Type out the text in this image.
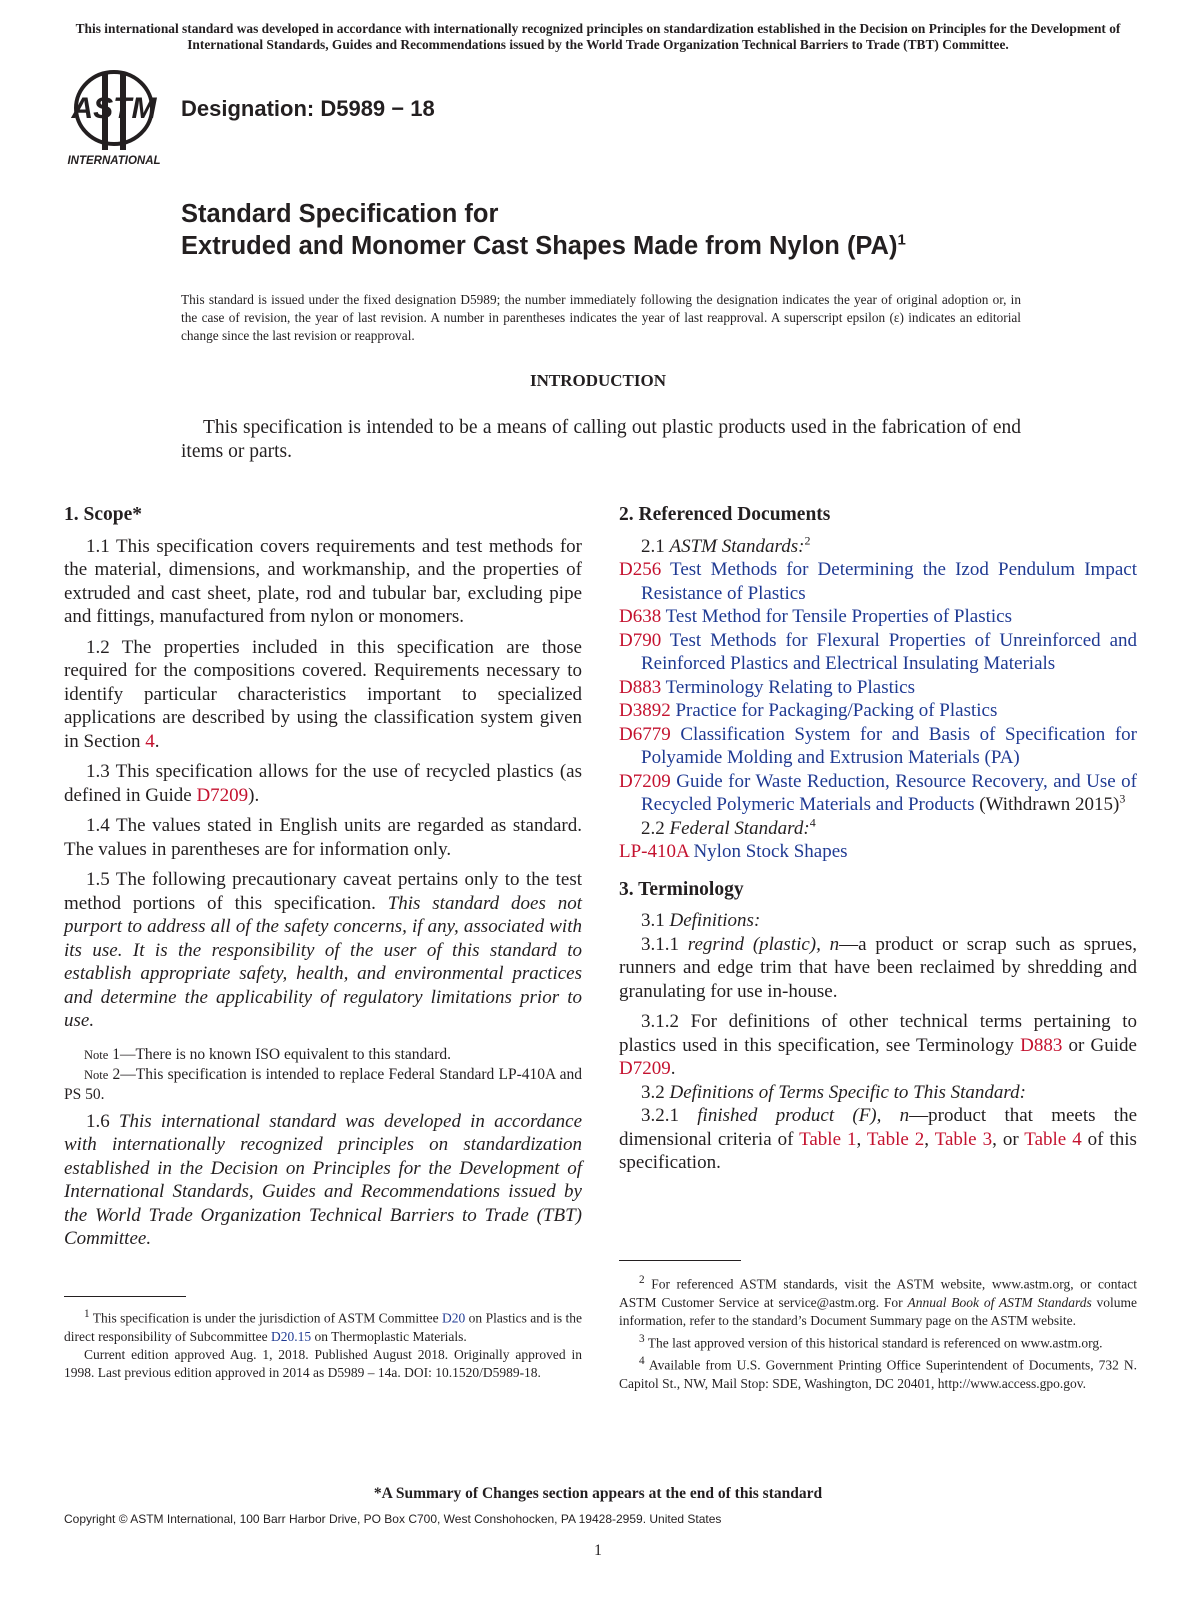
This international standard was developed in accordance with internationally recognized principles on standardization established in the Decision on Principles for the Development of International Standards, Guides and Recommendations issued by the World Trade Organization Technical Barriers to Trade (TBT) Committee.
ASTM
INTERNATIONAL
Designation: D5989 − 18
Standard Specification for
Extruded and Monomer Cast Shapes Made from Nylon (PA)$^1$
This standard is issued under the fixed designation D5989; the number immediately following the designation indicates the year of original adoption or, in the case of revision, the year of last revision. A number in parentheses indicates the year of last reapproval. A superscript epsilon (ε) indicates an editorial change since the last revision or reapproval.
INTRODUCTION
This specification is intended to be a means of calling out plastic products used in the fabrication of end items or parts.
1. Scope*

1.1 This specification covers requirements and test methods for the material, dimensions, and workmanship, and the properties of extruded and cast sheet, plate, rod and tubular bar, excluding pipe and fittings, manufactured from nylon or monomers.

1.2 The properties included in this specification are those required for the compositions covered. Requirements necessary to identify particular characteristics important to specialized applications are described by using the classification system given in Section 4.

1.3 This specification allows for the use of recycled plastics (as defined in Guide D7209).

1.4 The values stated in English units are regarded as standard. The values in parentheses are for information only.

1.5 The following precautionary caveat pertains only to the test method portions of this specification. This standard does not purport to address all of the safety concerns, if any, associated with its use. It is the responsibility of the user of this standard to establish appropriate safety, health, and environmental practices and determine the applicability of regulatory limitations prior to use.

Note 1—There is no known ISO equivalent to this standard.

Note 2—This specification is intended to replace Federal Standard LP-410A and PS 50.

1.6 This international standard was developed in accordance with internationally recognized principles on standardization established in the Decision on Principles for the Development of International Standards, Guides and Recommendations issued by the World Trade Organization Technical Barriers to Trade (TBT) Committee.

2. Referenced Documents

2.1 ASTM Standards:$^2$

D256 Test Methods for Determining the Izod Pendulum Impact Resistance of Plastics

D638 Test Method for Tensile Properties of Plastics

D790 Test Methods for Flexural Properties of Unreinforced and Reinforced Plastics and Electrical Insulating Materials

D883 Terminology Relating to Plastics

D3892 Practice for Packaging/Packing of Plastics

D6779 Classification System for and Basis of Specification for Polyamide Molding and Extrusion Materials (PA)

D7209 Guide for Waste Reduction, Resource Recovery, and Use of Recycled Polymeric Materials and Products (Withdrawn 2015)$^3$

2.2 Federal Standard:$^4$

LP-410A Nylon Stock Shapes

3. Terminology

3.1 Definitions:

3.1.1 regrind (plastic), n—a product or scrap such as sprues, runners and edge trim that have been reclaimed by shredding and granulating for use in-house.

3.1.2 For definitions of other technical terms pertaining to plastics used in this specification, see Terminology D883 or Guide D7209.

3.2 Definitions of Terms Specific to This Standard:

3.2.1 finished product (F), n—product that meets the dimensional criteria of Table 1, Table 2, Table 3, or Table 4 of this specification.

$^1$ This specification is under the jurisdiction of ASTM Committee D20 on Plastics and is the direct responsibility of Subcommittee D20.15 on Thermoplastic Materials.

Current edition approved Aug. 1, 2018. Published August 2018. Originally approved in 1998. Last previous edition approved in 2014 as D5989 – 14a. DOI: 10.1520/D5989-18.

$^2$ For referenced ASTM standards, visit the ASTM website, www.astm.org, or contact ASTM Customer Service at service@astm.org. For Annual Book of ASTM Standards volume information, refer to the standard’s Document Summary page on the ASTM website.

$^3$ The last approved version of this historical standard is referenced on www.astm.org.

$^4$ Available from U.S. Government Printing Office Superintendent of Documents, 732 N. Capitol St., NW, Mail Stop: SDE, Washington, DC 20401, http://www.access.gpo.gov.

*A Summary of Changes section appears at the end of this standard
Copyright © ASTM International, 100 Barr Harbor Drive, PO Box C700, West Conshohocken, PA 19428-2959. United States
1
